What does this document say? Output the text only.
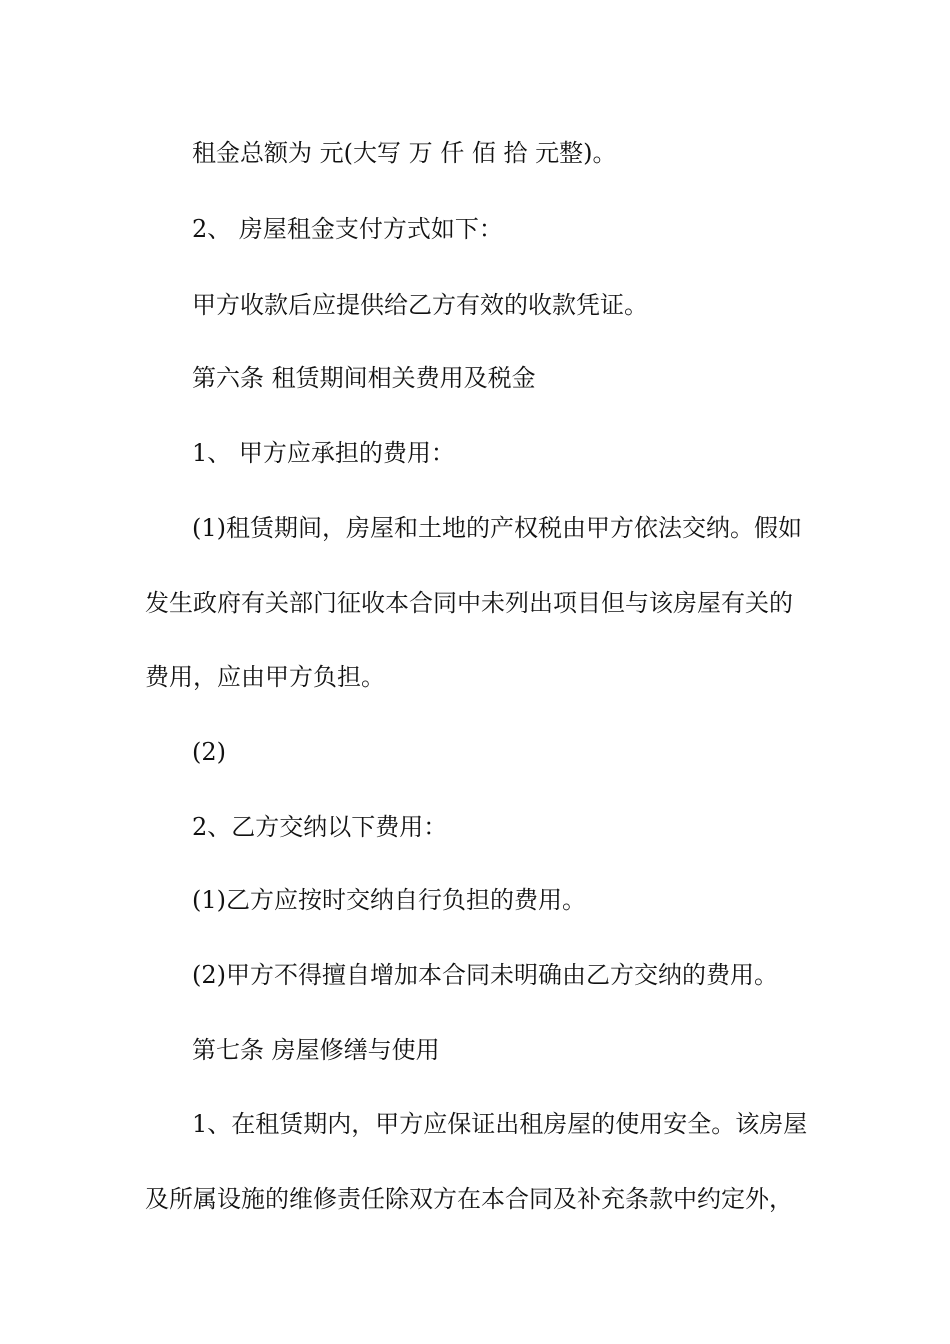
租金总额为 元(大写 万 仟 佰 拾 元整)。
2、 房屋租金支付方式如下：
甲方收款后应提供给乙方有效的收款凭证。
第六条 租赁期间相关费用及税金
1、 甲方应承担的费用：
(1)租赁期间，房屋和土地的产权税由甲方依法交纳。假如
发生政府有关部门征收本合同中未列出项目但与该房屋有关的
费用，应由甲方负担。
(2)
2、乙方交纳以下费用：
(1)乙方应按时交纳自行负担的费用。
(2)甲方不得擅自增加本合同未明确由乙方交纳的费用。
第七条 房屋修缮与使用
1、在租赁期内，甲方应保证出租房屋的使用安全。该房屋
及所属设施的维修责任除双方在本合同及补充条款中约定外，
